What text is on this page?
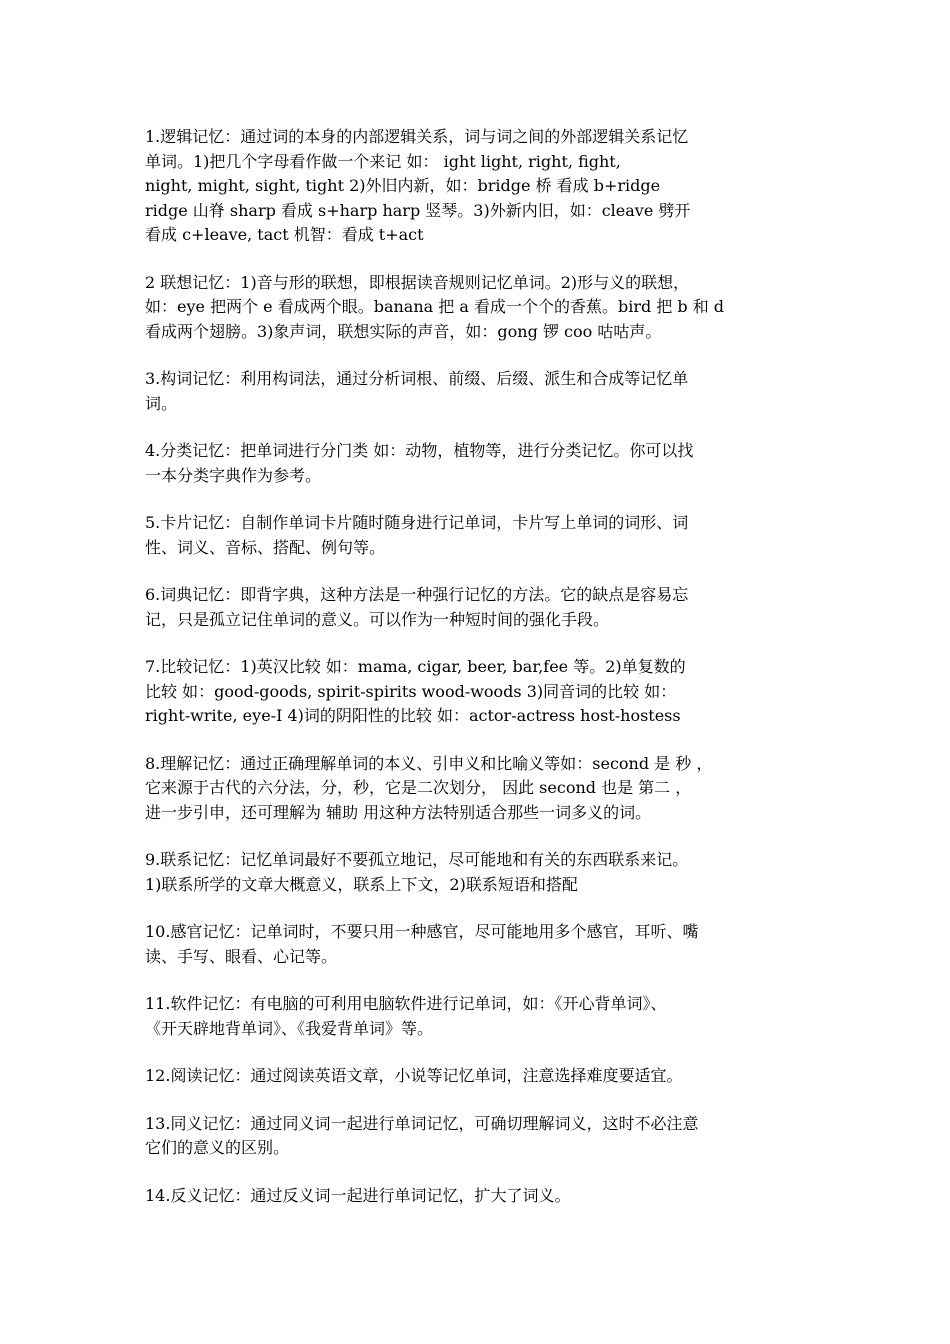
1.逻辑记忆：通过词的本身的内部逻辑关系，词与词之间的外部逻辑关系记忆
单词。1)把几个字母看作做一个来记 如： ight light, right, fight,
night, might, sight, tight 2)外旧内新，如：bridge 桥 看成 b+ridge
ridge 山脊 sharp 看成 s+harp harp 竖琴。3)外新内旧，如：cleave 劈开
看成 c+leave, tact 机智：看成 t+act
2 联想记忆：1)音与形的联想，即根据读音规则记忆单词。2)形与义的联想，
如：eye 把两个 e 看成两个眼。banana 把 a 看成一个个的香蕉。bird 把 b 和 d
看成两个翅膀。3)象声词，联想实际的声音，如：gong 锣 coo 咕咕声。
3.构词记忆：利用构词法，通过分析词根、前缀、后缀、派生和合成等记忆单
词。
4.分类记忆：把单词进行分门类 如：动物，植物等，进行分类记忆。你可以找
一本分类字典作为参考。
5.卡片记忆：自制作单词卡片随时随身进行记单词，卡片写上单词的词形、词
性、词义、音标、搭配、例句等。
6.词典记忆：即背字典，这种方法是一种强行记忆的方法。它的缺点是容易忘
记，只是孤立记住单词的意义。可以作为一种短时间的强化手段。
7.比较记忆：1)英汉比较 如：mama, cigar, beer, bar,fee 等。2)单复数的
比较 如：good-goods, spirit-spirits wood-woods 3)同音词的比较 如：
right-write, eye-I 4)词的阴阳性的比较 如：actor-actress host-hostess
8.理解记忆：通过正确理解单词的本义、引申义和比喻义等如：second 是 秒 ，
它来源于古代的六分法，分，秒，它是二次划分， 因此 second 也是 第二 ，
进一步引申，还可理解为 辅助 用这种方法特别适合那些一词多义的词。
9.联系记忆：记忆单词最好不要孤立地记，尽可能地和有关的东西联系来记。
1)联系所学的文章大概意义，联系上下文，2)联系短语和搭配
10.感官记忆：记单词时，不要只用一种感官，尽可能地用多个感官，耳听、嘴
读、手写、眼看、心记等。
11.软件记忆：有电脑的可利用电脑软件进行记单词，如：《开心背单词》、
《开天辟地背单词》、《我爱背单词》等。
12.阅读记忆：通过阅读英语文章，小说等记忆单词，注意选择难度要适宜。
13.同义记忆：通过同义词一起进行单词记忆，可确切理解词义，这时不必注意
它们的意义的区别。
14.反义记忆：通过反义词一起进行单词记忆，扩大了词义。
